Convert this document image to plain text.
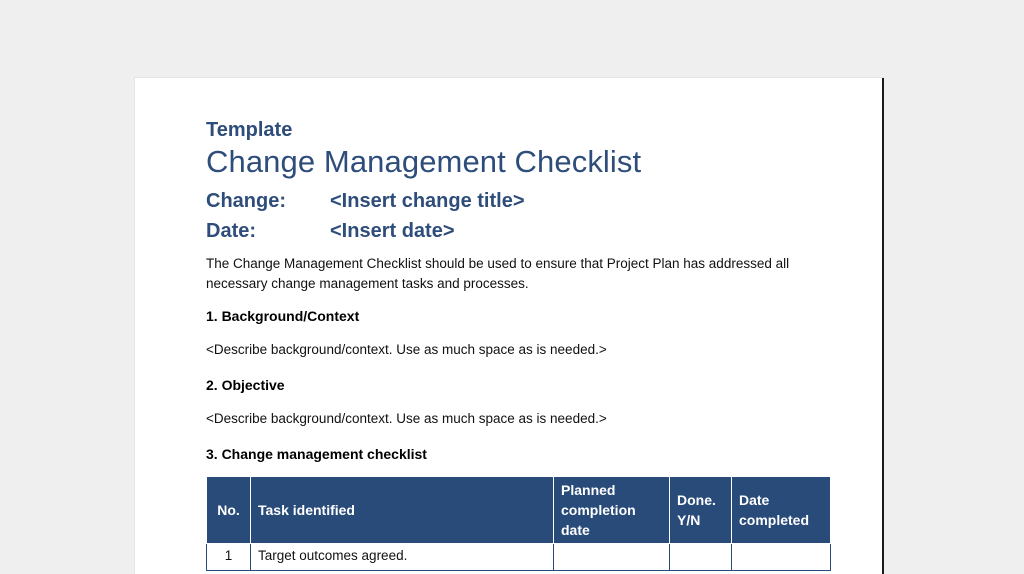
Template
Change Management Checklist
Change:	<Insert change title>
Date:	<Insert date>

The Change Management Checklist should be used to ensure that Project Plan has addressed all necessary change management tasks and processes.

1. Background/Context

<Describe background/context. Use as much space as is needed.>

2. Objective

<Describe background/context. Use as much space as is needed.>

3. Change management checklist
No.	Task identified	Planned completion date	Done. Y/N	Date completed
1	Target outcomes agreed.			
